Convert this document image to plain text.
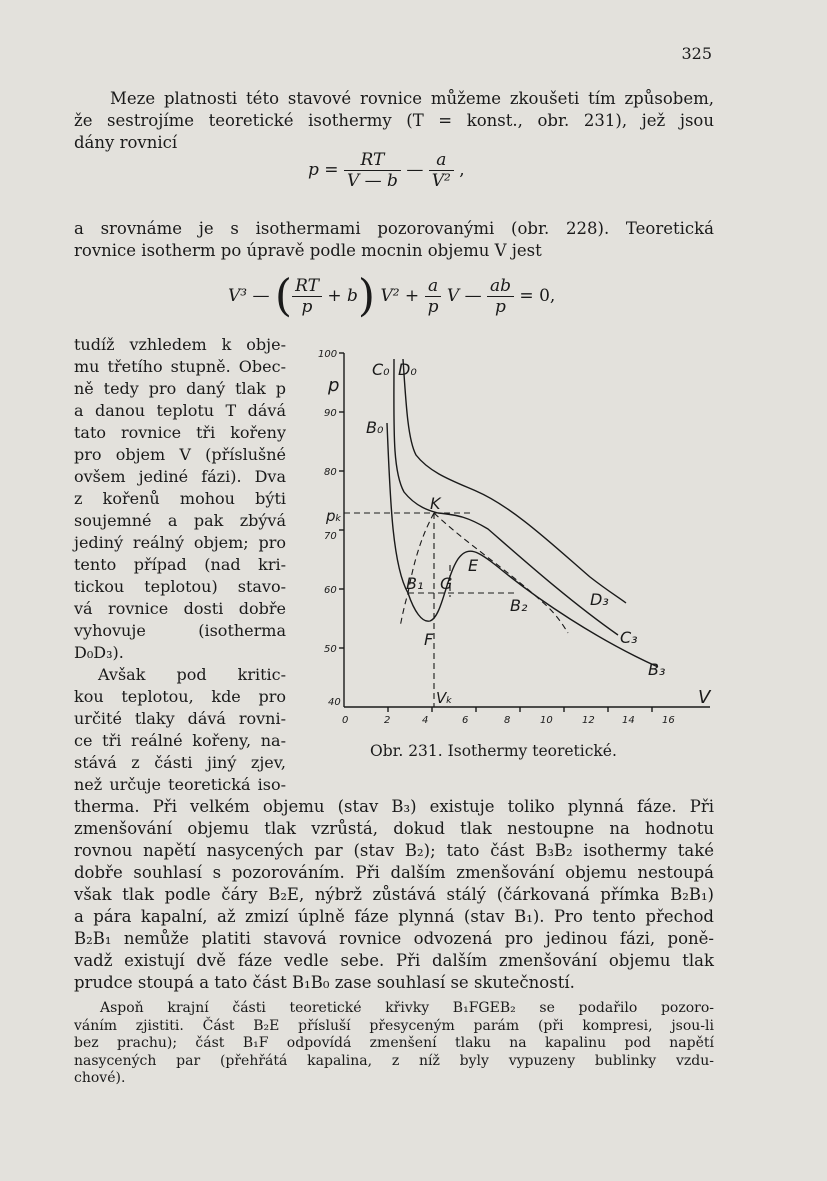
325
Meze platnosti této stavové rovnice můžeme zkoušeti tím způsobem,
že sestrojíme teoretické isothermy (T = konst., obr. 231), jež jsou
dány rovnicí
$p = \frac{RT}{V — b}$ — $\frac{a}{\text{V²}}$ ,
a srovnáme je s isothermami pozorovanými (obr. 228). Teoretická
rovnice isotherm po úpravě podle mocnin objemu V jest
V³ — ( $\frac{RT}{p} + b$) $V^2 + \frac{a}{p}$ V — $\frac{ab}{p} = 0$,
tudíž vzhledem k obje-
mu třetího stupně. Obec-
ně tedy pro daný tlak p
a danou teplotu T dává
tato rovnice tři kořeny
pro objem V (příslušné
ovšem jediné fázi). Dva
z kořenů mohou býti
soujemné a pak zbývá
jediný reálný objem; pro
tento případ (nad kri-
tickou teplotou) stavo-
vá rovnice dosti dobře
vyhovuje (isotherma
D₀D₃).
Avšak pod kritic-
kou teplotou, kde pro
určité tlaky dává rovni-
ce tři reálné kořeny, na-
stává z části jiný zjev,
než určuje teoretická iso-
100
90
80
70
60
50
40
0	2	4	6	8	10	12	14	16
p
V
pₖ
Vₖ
C₀ D₀
B₀
K
E
B₁ G
B₂
F
D₃
C₃
B₃
Obr. 231. Isothermy teoretické.
therma. Při velkém objemu (stav B₃) existuje toliko plynná fáze. Při
zmenšování objemu tlak vzrůstá, dokud tlak nestoupne na hodnotu
rovnou napětí nasycených par (stav B₂); tato část B₃B₂ isothermy také
dobře souhlasí s pozorováním. Při dalším zmenšování objemu nestoupá
však tlak podle čáry B₂E, nýbrž zůstává stálý (čárkovaná přímka B₂B₁)
a pára kapalní, až zmizí úplně fáze plynná (stav B₁). Pro tento přechod
B₂B₁ nemůže platiti stavová rovnice odvozená pro jedinou fázi, poně-
vadž existují dvě fáze vedle sebe. Při dalším zmenšování objemu tlak
prudce stoupá a tato část B₁B₀ zase souhlasí se skutečností.
Aspoň krajní části teoretické křivky B₁FGEB₂ se podařilo pozoro-
váním zjistiti. Část B₂E přísluší přesyceným parám (při kompresi, jsou-li
bez prachu); část B₁F odpovídá zmenšení tlaku na kapalinu pod napětí
nasycených par (přehřátá kapalina, z níž byly vypuzeny bublinky vzdu-
chové).
